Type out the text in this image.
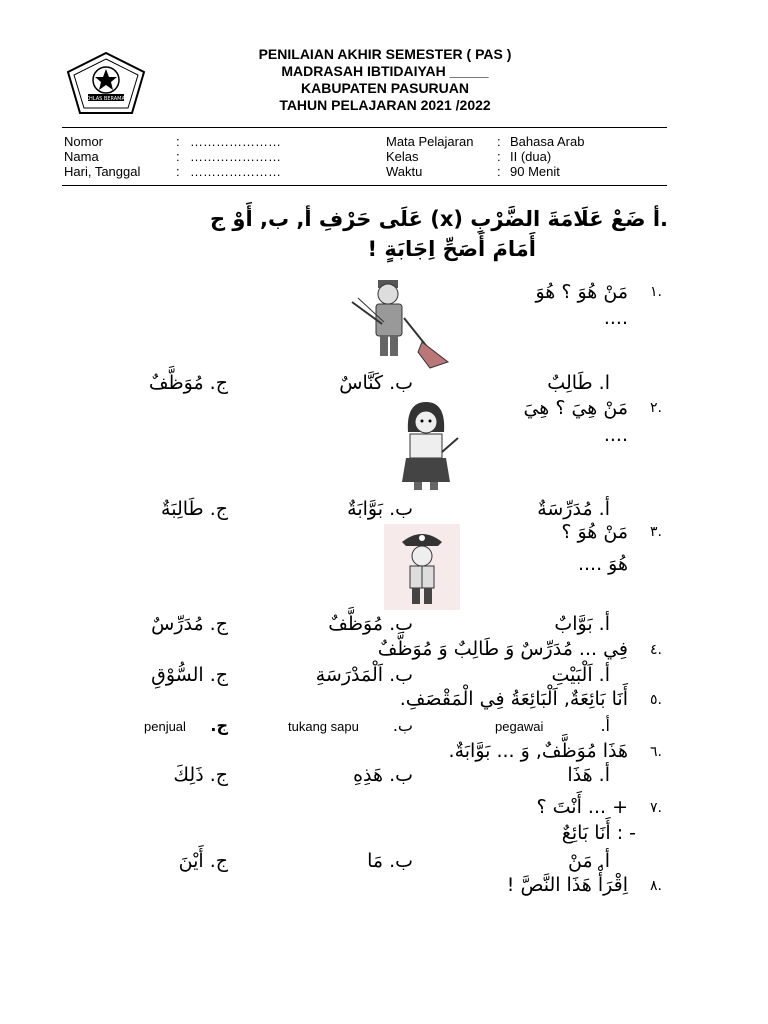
IKHLAS BERAMAL
PENILAIAN AKHIR SEMESTER ( PAS )
MADRASAH IBTIDAIYAH _____
KABUPATEN PASURUAN
TAHUN PELAJARAN 2021 /2022
Nomor	: …………………
Nama	: …………………
Hari, Tanggal	: …………………
Mata Pelajaran : Bahasa Arab
Kelas	: II (dua)
Waktu	: 90 Menit
.أ ضَعْ عَلَامَةَ الضَّرْبِ (x) عَلَى حَرْفِ أ, ب, أَوْ ج
أَمَامَ أَصَحِّ اِجَابَةٍ !
١.
مَنْ هُوَ ؟ هُوَ
....
ا. طَالِبٌ
ب. كَنَّاسٌ
ج. مُوَظَّفٌ
٢.
مَنْ هِيَ ؟ هِيَ
....
أ. مُدَرِّسَةٌ
ب. بَوَّابَةٌ
ج. طَالِبَةٌ
٣.
مَنْ هُوَ ؟
هُوَ ....
أ. بَوَّابٌ
ب. مُوَظَّفٌ
ج. مُدَرِّسٌ
٤.
فِي ... مُدَرِّسٌ وَ طَالِبٌ وَ مُوَظَّفٌ
أ. اَلْبَيْتِ
ب. اَلْمَدْرَسَةِ
ج. السُّوْقِ
٥.
أَنَا بَائِعَةٌ, اَلْبَائِعَةُ فِي الْمَقْصَفِ.
أ.
pegawai
ب.
tukang sapu
ج.
penjual
٦.
هَذَا مُوَظَّفٌ, وَ ... بَوَّابَةٌ.
أ. هَذَا
ب. هَذِهِ
ج. ذَلِكَ
٧.
+ ... أَنْتَ ؟
- : أَنَا بَائِعٌ
أ. مَنْ
ب. مَا
ج. أَيْنَ
٨.
اِقْرَأْ هَذَا النَّصَّ !
